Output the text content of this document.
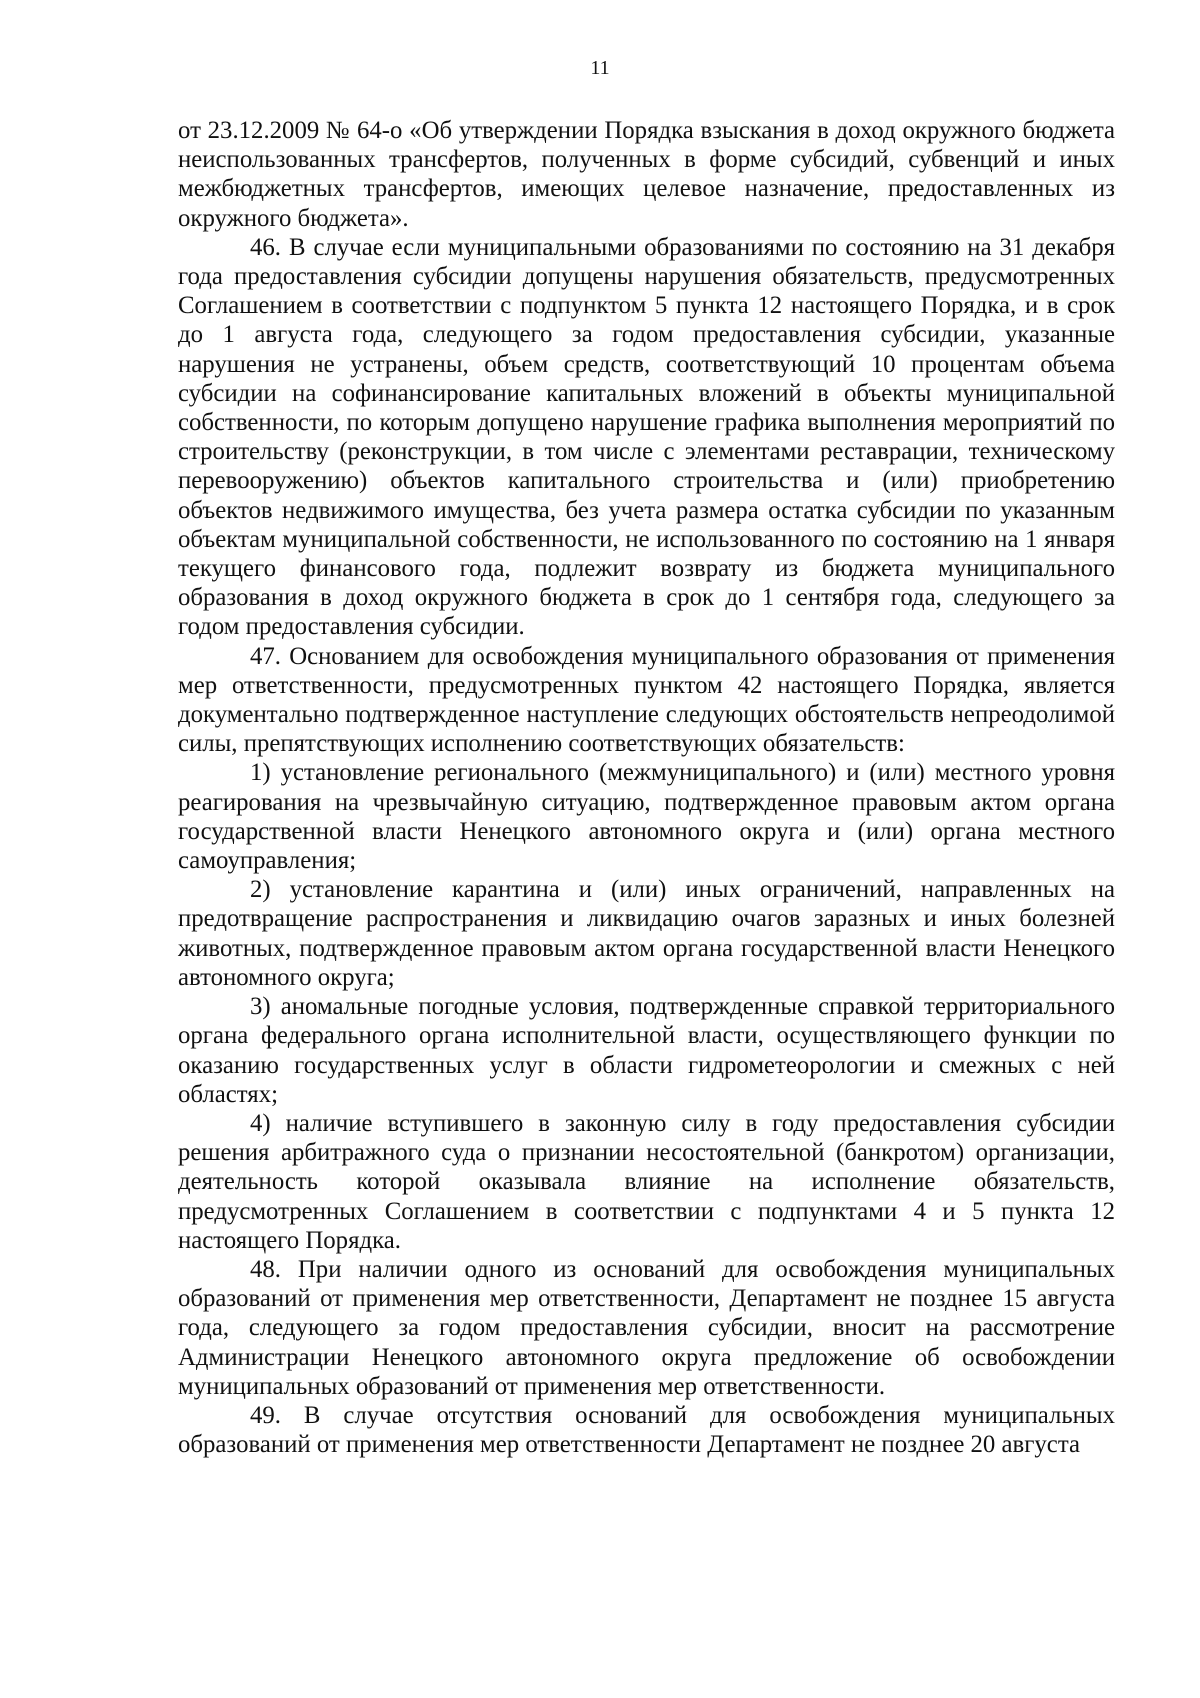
11

от 23.12.2009 № 64-о «Об утверждении Порядка взыскания в доход окружного бюджета неиспользованных трансфертов, полученных в форме субсидий, субвенций и иных межбюджетных трансфертов, имеющих целевое назначение, предоставленных из окружного бюджета».

46. В случае если муниципальными образованиями по состоянию на 31 декабря года предоставления субсидии допущены нарушения обязательств, предусмотренных Соглашением в соответствии с подпунктом 5 пункта 12 настоящего Порядка, и в срок до 1 августа года, следующего за годом предоставления субсидии, указанные нарушения не устранены, объем средств, соответствующий 10 процентам объема субсидии на софинансирование капитальных вложений в объекты муниципальной собственности, по которым допущено нарушение графика выполнения мероприятий по строительству (реконструкции, в том числе с элементами реставрации, техническому перевооружению) объектов капитального строительства и (или) приобретению объектов недвижимого имущества, без учета размера остатка субсидии по указанным объектам муниципальной собственности, не использованного по состоянию на 1 января текущего финансового года, подлежит возврату из бюджета муниципального образования в доход окружного бюджета в срок до 1 сентября года, следующего за годом предоставления субсидии.

47. Основанием для освобождения муниципального образования от применения мер ответственности, предусмотренных пунктом 42 настоящего Порядка, является документально подтвержденное наступление следующих обстоятельств непреодолимой силы, препятствующих исполнению соответствующих обязательств:

1) установление регионального (межмуниципального) и (или) местного уровня реагирования на чрезвычайную ситуацию, подтвержденное правовым актом органа государственной власти Ненецкого автономного округа и (или) органа местного самоуправления;

2) установление карантина и (или) иных ограничений, направленных на предотвращение распространения и ликвидацию очагов заразных и иных болезней животных, подтвержденное правовым актом органа государственной власти Ненецкого автономного округа;

3) аномальные погодные условия, подтвержденные справкой территориального органа федерального органа исполнительной власти, осуществляющего функции по оказанию государственных услуг в области гидрометеорологии и смежных с ней областях;

4) наличие вступившего в законную силу в году предоставления субсидии решения арбитражного суда о признании несостоятельной (банкротом) организации, деятельность которой оказывала влияние на исполнение обязательств, предусмотренных Соглашением в соответствии с подпунктами 4 и 5 пункта 12 настоящего Порядка.

48. При наличии одного из оснований для освобождения муниципальных образований от применения мер ответственности, Департамент не позднее 15 августа года, следующего за годом предоставления субсидии, вносит на рассмотрение Администрации Ненецкого автономного округа предложение об освобождении муниципальных образований от применения мер ответственности.

49. В случае отсутствия оснований для освобождения муниципальных образований от применения мер ответственности Департамент не позднее 20 августа
